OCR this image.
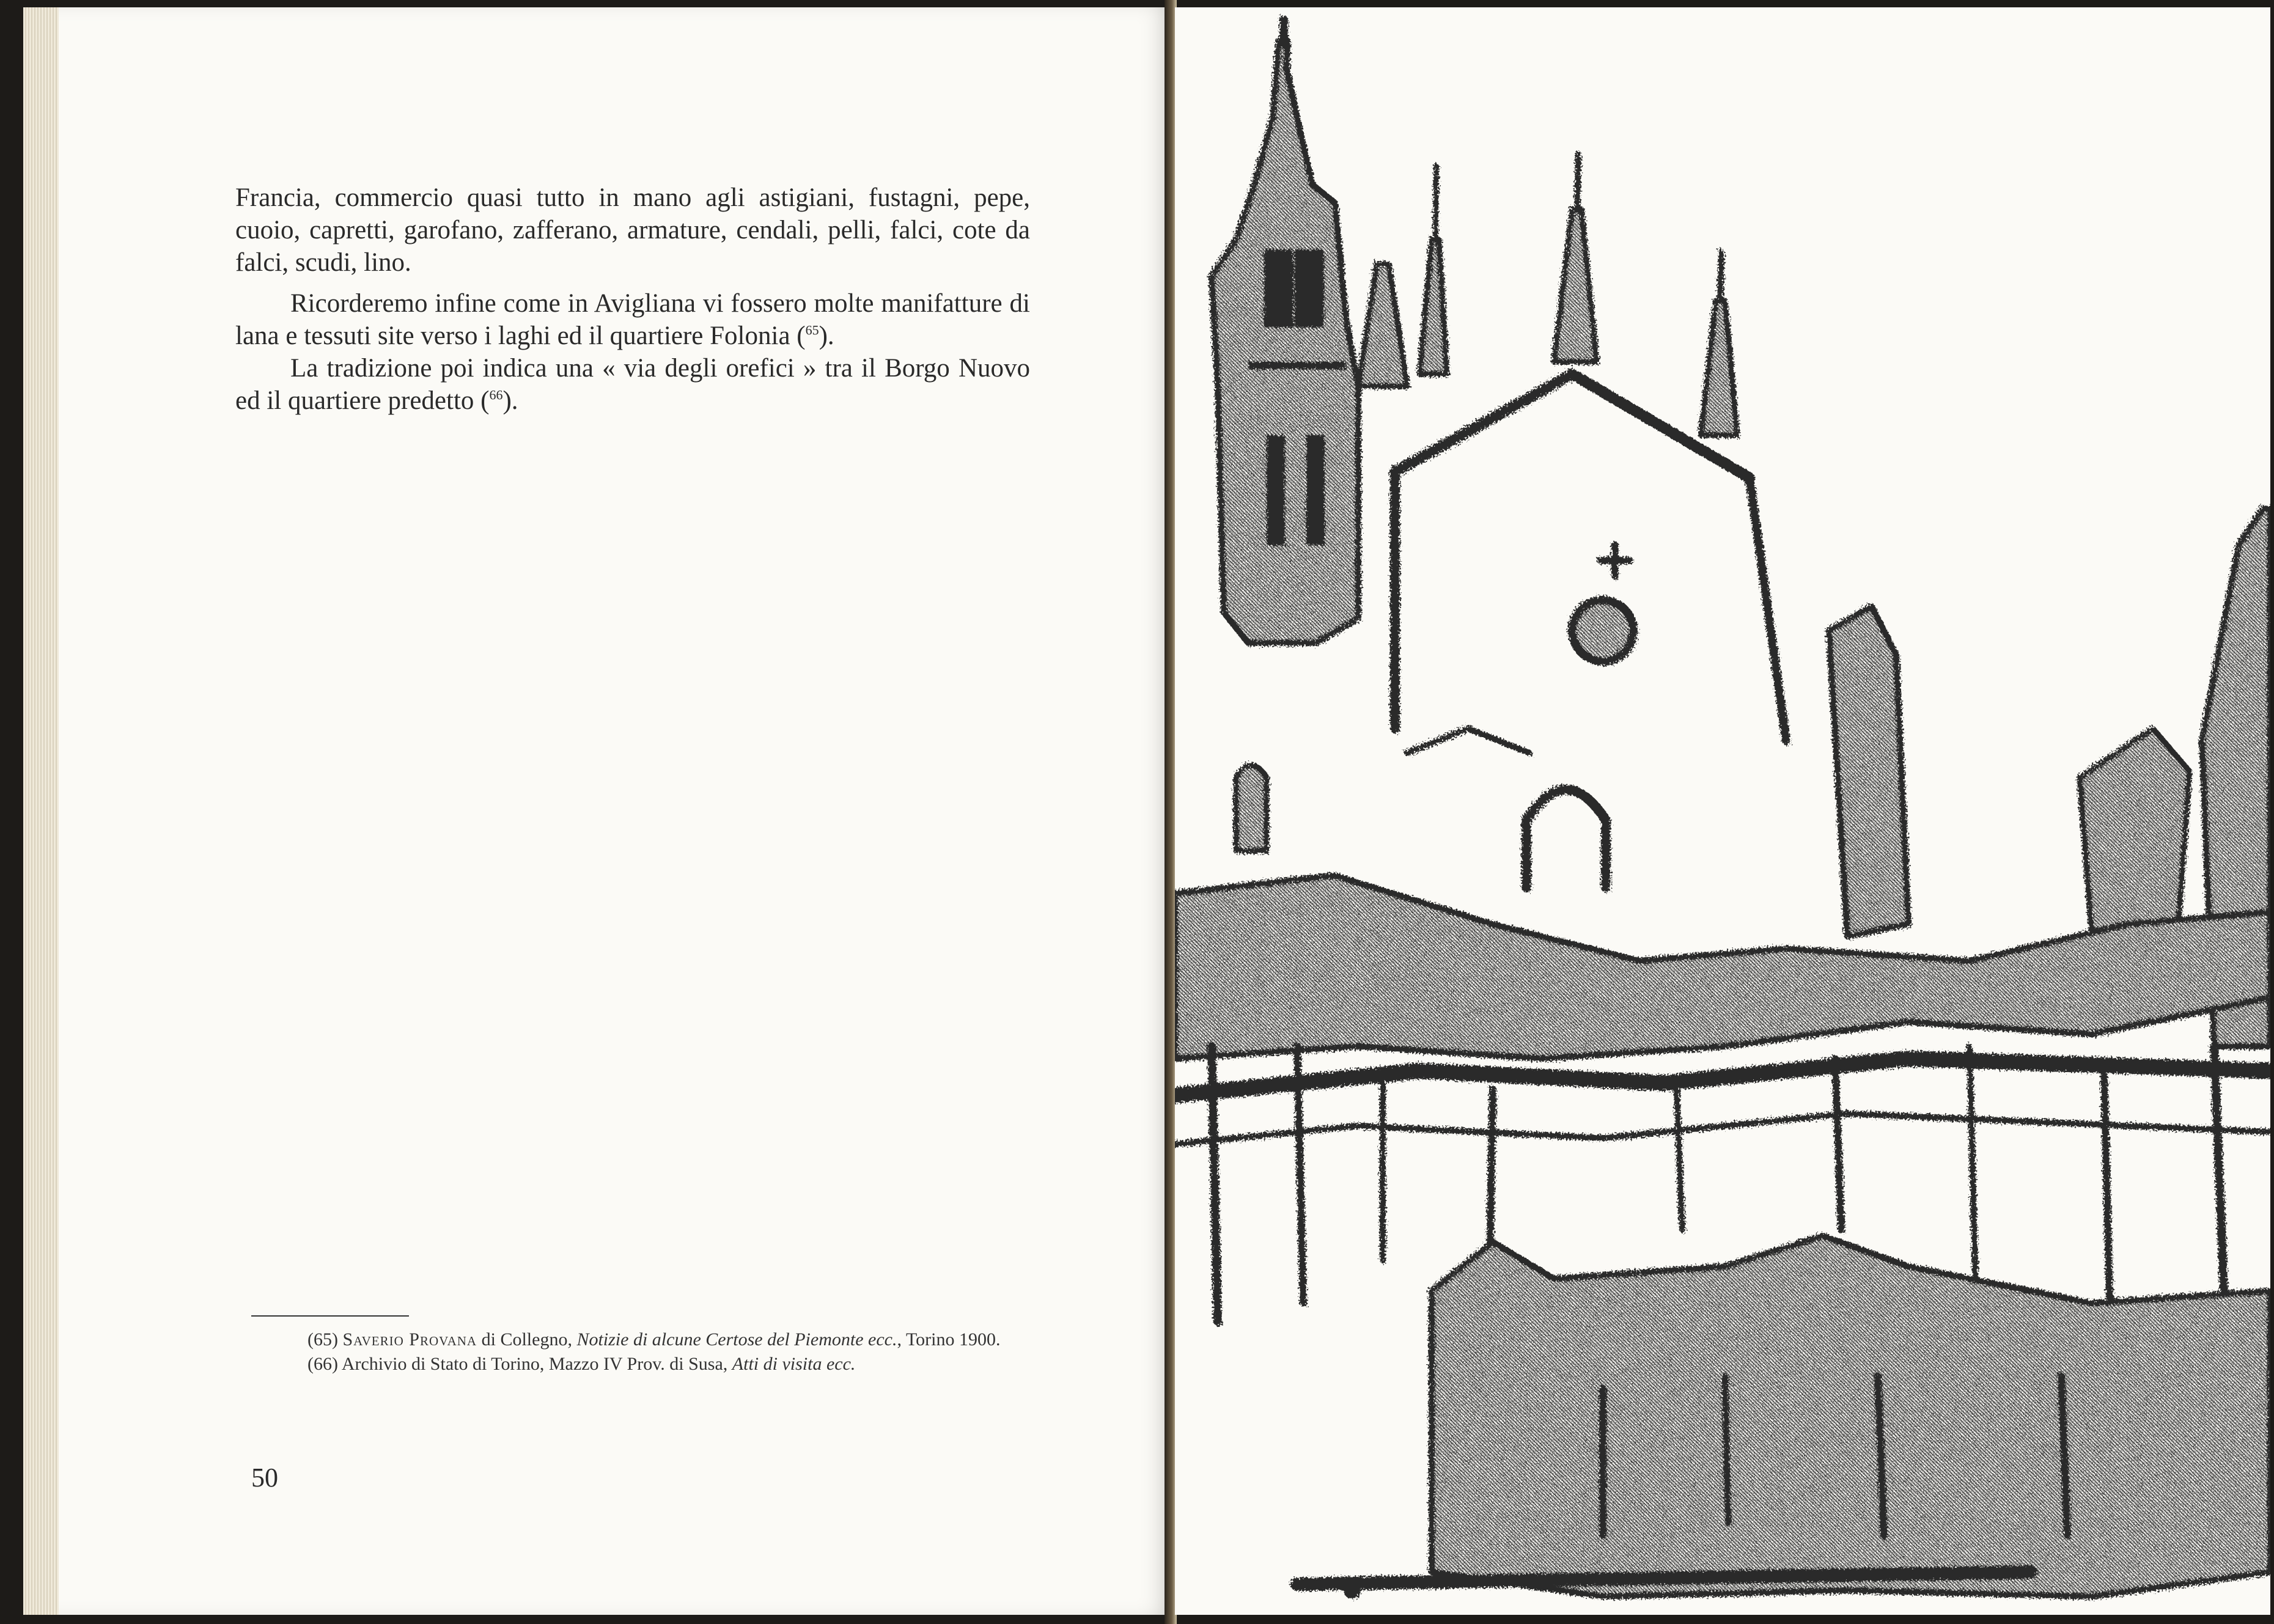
Francia, commercio quasi tutto in mano agli astigiani, fustagni, pepe, cuoio, capretti, garofano, zafferano, armature, cendali, pelli, falci, cote da falci, scudi, lino.

Ricorderemo infine come in Avigliana vi fossero molte manifatture di lana e tessuti site verso i laghi ed il quartiere Folonia ($^{65}$).

La tradizione poi indica una « via degli orefici » tra il Borgo Nuovo ed il quartiere predetto ($^{66}$).

(65) Saverio Provana di Collegno, Notizie di alcune Certose del Piemonte ecc., Torino 1900.

(66) Archivio di Stato di Torino, Mazzo IV Prov. di Susa, Atti di visita ecc.

50
